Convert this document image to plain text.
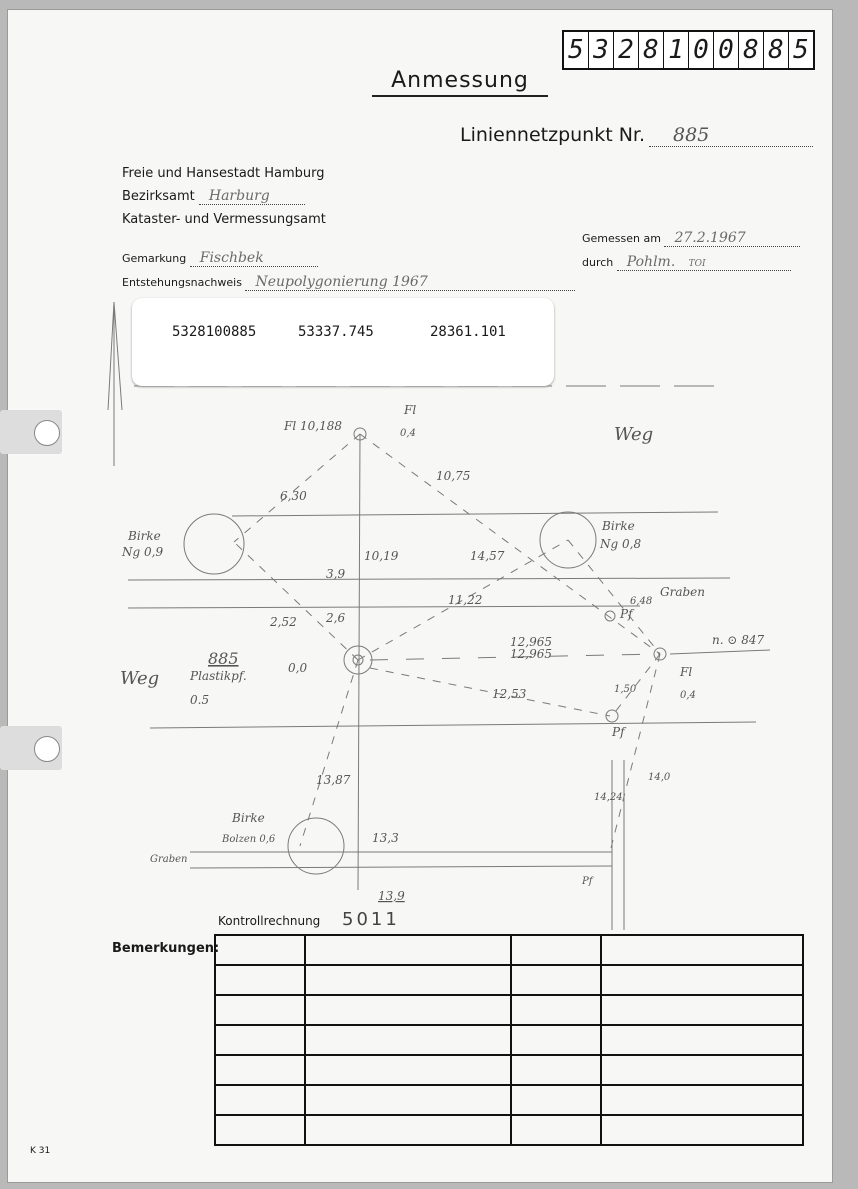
5 3 2 8 1 0 0 8 8 5
Anmessung
Liniennetzpunkt Nr. 885
Freie und Hansestadt Hamburg
Bezirksamt Harburg
Kataster- und Vermessungsamt
Gemarkung Fischbek
Entstehungsnachweis Neupolygonierung 1967
Gemessen am 27.2.1967
durch Pohlm. TOI
Fl 10,188
Fl
0,4	Weg
6,30
10,75
10,19	14,57
Birke
Ng 0,9
Birke
Ng 0,8
3,9
2,6
2,52
11,22	6,48
Graben
Pf
Weg
885
Plastikpf.
0.5
0,0
12,965
12,965
n. ⊙ 847
Fl
0,4
12,53	1,50
Pf
13,87
14,24
14,0
Birke
Bolzen 0,6	13,3
Graben
13,9
Pf
5328100885	53337.745	28361.101
Kontrollrechnung 5011
Bemerkungen:

K 31
